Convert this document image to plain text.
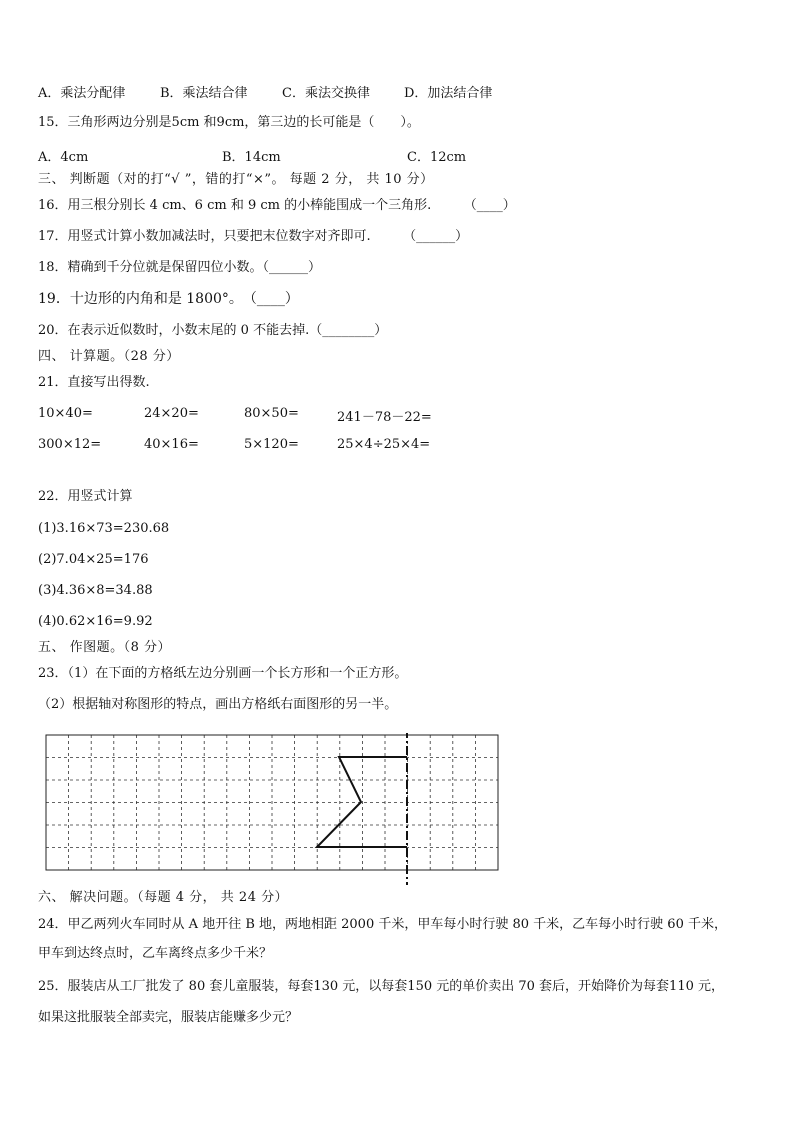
A．乘法分配律	B．乘法结合律	C．乘法交换律	D．加法结合律
15．三角形两边分别是5cm 和9cm，第三边的长可能是（　　）。
A．4cm	B．14cm	C．12cm
三、 判断题（对的打“√ ”，错的打“×”。 每题 2 分， 共 10 分）
16．用三根分别长 4 cm、6 cm 和 9 cm 的小棒能围成一个三角形.　　　（____）
17．用竖式计算小数加减法时，只要把末位数字对齐即可.　　　（______）
18．精确到千分位就是保留四位小数。（______）
19．十边形的内角和是 1800°。　（____）
20．在表示近似数时，小数末尾的 0 不能去掉.（________）
四、 计算题。（28 分）
21．直接写出得数.
10×40=	24×20=	80×50=	241－78－22=
300×12=	40×16=	5×120=	25×4÷25×4=
22．用竖式计算
(1)3.16×73=230.68
(2)7.04×25=176
(3)4.36×8=34.88
(4)0.62×16=9.92
五、 作图题。（8 分）
23．（1）在下面的方格纸左边分别画一个长方形和一个正方形。
（2）根据轴对称图形的特点，画出方格纸右面图形的另一半。
六、 解决问题。（每题 4 分， 共 24 分）
24．甲乙两列火车同时从 A 地开往 B 地，两地相距 2000 千米，甲车每小时行驶 80 千米，乙车每小时行驶 60 千米，
甲车到达终点时，乙车离终点多少千米？
25．服装店从工厂批发了 80 套儿童服装，每套130 元，以每套150 元的单价卖出 70 套后，开始降价为每套110 元，
如果这批服装全部卖完，服装店能赚多少元？
